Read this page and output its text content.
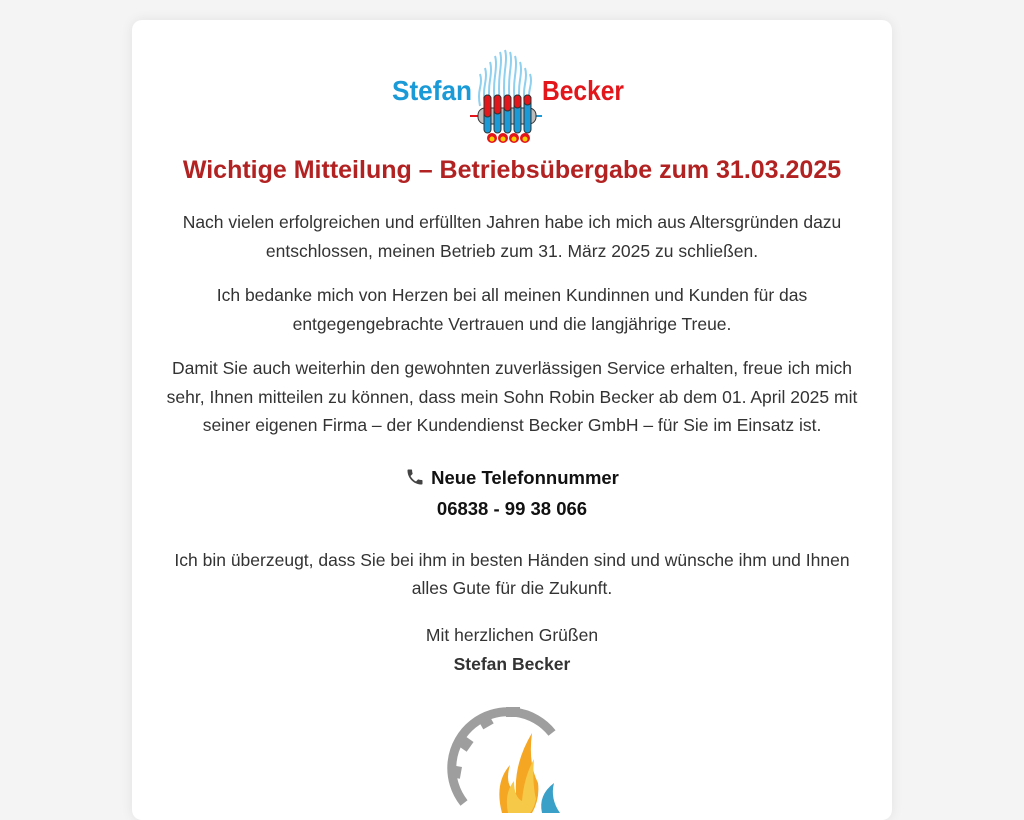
Stefan	Becker
Wichtige Mitteilung – Betriebsübergabe zum 31.03.2025

Nach vielen erfolgreichen und erfüllten Jahren habe ich mich aus Altersgründen dazu entschlossen, meinen Betrieb zum 31. März 2025 zu schließen.

Ich bedanke mich von Herzen bei all meinen Kundinnen und Kunden für das entgegengebrachte Vertrauen und die langjährige Treue.

Damit Sie auch weiterhin den gewohnten zuverlässigen Service erhalten, freue ich mich sehr, Ihnen mitteilen zu können, dass mein Sohn Robin Becker ab dem 01. April 2025 mit seiner eigenen Firma – der Kundendienst Becker GmbH – für Sie im Einsatz ist.

Neue Telefonnummer
06838 - 99 38 066

Ich bin überzeugt, dass Sie bei ihm in besten Händen sind und wünsche ihm und Ihnen alles Gute für die Zukunft.

Mit herzlichen Grüßen
Stefan Becker
